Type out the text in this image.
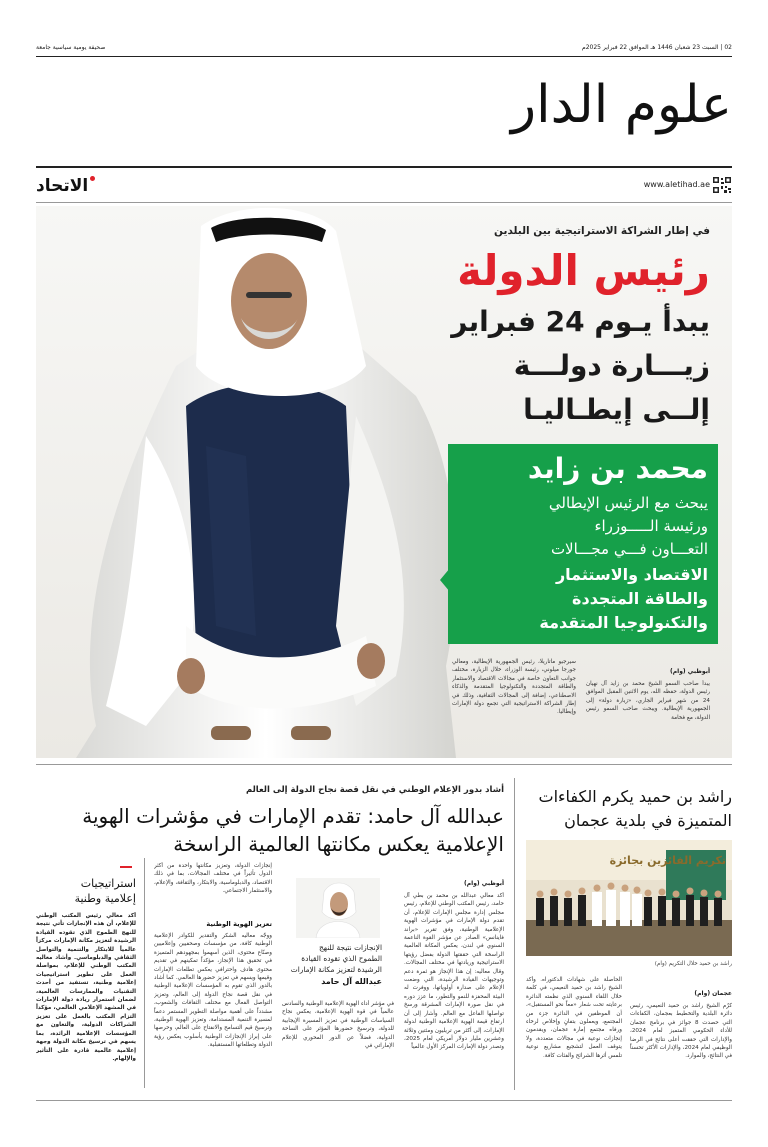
02 | السبت 23 شعبان 1446 هـ الموافق 22 فبراير 2025م
صحيفة يومية سياسية جامعة
علوم الدار
الاتحاد	www.aletihad.ae
في إطار الشراكة الاستراتيجية بين البلدين
رئيس الدولة
يبدأ يـوم 24 فبراير
زيـــارة دولـــة
إلــى إيطـاليـا
محمد بن زايد
يبحث مع الرئيس الإيطالي
ورئيسة الـــــوزراء
التعـــاون فـــي مجـــالات
الاقتصاد والاستثمار
والطاقة المتجددة
والتكنولوجيا المتقدمة
أبوظبي (وام)
يبدأ صاحب السمو الشيخ محمد بن زايد آل نهيان رئيس الدولة، حفظه الله، يوم الاثنين المقبل الموافق 24 من شهر فبراير الجاري، «زيارة دولة» إلى الجمهورية الإيطالية. ويبحث صاحب السمو رئيس الدولة، مع فخامة
سيرجيو ماتاريلا، رئيس الجمهورية الإيطالية، ومعالي جورجا ميلوني، رئيسة الوزراء، خلال الزيارة، مختلف جوانب التعاون خاصة في مجالات الاقتصاد والاستثمار والطاقة المتجددة والتكنولوجيا المتقدمة والذكاء الاصطناعي، إضافة إلى المجالات الثقافية، وذلك في إطار الشراكة الاستراتيجية التي تجمع دولة الإمارات وإيطاليا.
راشد بن حميد يكرم الكفاءات
المتميزة في بلدية عجمان
تكريم الفائزين بجائزة
راشد بن حميد خلال التكريم (وام)
عجمان (وام)
كرّم الشيخ راشد بن حميد النعيمي، رئيس دائرة البلدية والتخطيط بعجمان، الكفاءات التي حصدت 8 جوائز في برنامج عجمان للأداء الحكومي المتميز لعام 2024، والإدارات التي حققت أعلى نتائج في الرضا الوظيفي لعام 2024، والإدارات الأكثر تحسناً في النتائج، والموارد.
الحاصلة على شهادات الدكتوراه. وأكد الشيخ راشد بن حميد النعيمي، في كلمة خلال اللقاء السنوي الذي نظمته الدائرة برعايته تحت شعار «معاً نحو المستقبل»، أن الموظفين في الدائرة جزء من المجتمع، ويعملون بتفانٍ وإخلاص لرخاء ورفاه مجتمع إمارة عجمان، ويقدمون إنجازات نوعية في مجالات متعددة، ولا يتوقف العمل لتشجيع مشاريع نوعية تلمس أثرها الشرائح والفئات كافة.
أشاد بدور الإعلام الوطني في نقل قصة نجاح الدولة إلى العالم
عبدالله آل حامد: تقدم الإمارات في مؤشرات الهوية
الإعلامية يعكس مكانتها العالمية الراسخة
أبوظبي (وام)
أكد معالي عبدالله بن محمد بن بطي آل حامد، رئيس المكتب الوطني للإعلام، رئيس مجلس إدارة مجلس الإمارات للإعلام، أن تقدم دولة الإمارات في مؤشرات الهوية الإعلامية الوطنية، وفق تقرير «براند فاينانس» الصادر عن مؤشر القوة الناعمة السنوي في لندن، يعكس المكانة العالمية الراسخة التي حققتها الدولة بفضل رؤيتها الاستراتيجية وريادتها في مختلف المجالات. وقال معاليه: إن هذا الإنجاز هو ثمرة دعم وتوجيهات القيادة الرشيدة، التي وضعت الإعلام على صدارة أولوياتها، ووفرت له البيئة المحفزة للنمو والتطور، ما عزز دوره في نقل صورة الإمارات المشرقة ورسخ تواصلها الفاعل مع العالم. وأشار إلى أن ارتفاع قيمة الهوية الإعلامية الوطنية لدولة الإمارات، إلى أكثر من تريليون ومئتين وثلاثة وعشرين مليار دولار أمريكي لعام 2025، وتصدر دولة الإمارات المركز الأول عالمياً
الإنجازات نتيجة للنهج
الطموح الذي تقوده القيادة
الرشيدة لتعزيز مكانة الإمارات
عبدالله آل حامد
في مؤشر أداء الهوية الإعلامية الوطنية والسادس عالمياً في قوة الهوية الإعلامية، يعكس نجاح السياسات الوطنية في تعزيز المسيرة الإيجابية للدولة، وترسيخ حضورها المؤثر على الساحة الدولية، فضلاً عن الدور المحوري للإعلام الإماراتي في
إنجازات الدولة، وتعزيز مكانتها واحدة من أكثر الدول تأثيراً في مختلف المجالات، بما في ذلك الاقتصاد، والدبلوماسية، والابتكار، والثقافة، والإعلام، والاستثمار الاجتماعي.
تعزيز الهوية الوطنية
ووجّه معاليه الشكر والتقدير للكوادر الإعلامية الوطنية كافة، من مؤسسات وصحفيين وإعلاميين وصنّاع محتوى، الذين أسهموا بمجهودهم المتميزة في تحقيق هذا الإنجاز، مؤكداً تمكينهم في تقديم محتوى هادف واحترافي يعكس تطلعات الإمارات وقيمها ويسهم في تعزيز حضورها العالمي. كما أشاد بالدور الذي تقوم به المؤسسات الإعلامية الوطنية في نقل قصة نجاح الدولة إلى العالم، وتعزيز التواصل الفعال مع مختلف الثقافات والشعوب، مشدداً على أهمية مواصلة التطوير المستمر دعماً لمسيرة التنمية المستدامة، وتعزيز الهوية الوطنية، وترسيخ قيم التسامح والانفتاح على العالم، وحرصها على إبراز الإنجازات الوطنية بأسلوب يعكس رؤية الدولة وتطلعاتها المستقبلية.
استراتيجيات
إعلامية وطنية
أكد معالي رئيس المكتب الوطني للإعلام، أن هذه الإنجازات تأتي نتيجة للنهج الطموح الذي تقوده القيادة الرشيدة لتعزيز مكانة الإمارات مركزاً عالمياً للابتكار والتنمية والتواصل الثقافي والدبلوماسي. وأشاد معاليه المكتب الوطني للإعلام، بمواصلة العمل على تطوير استراتيجيات إعلامية وطنية، تستفيد من أحدث التقنيات والممارسات العالمية، لضمان استمرار ريادة دولة الإمارات في المشهد الإعلامي العالمي، مؤكداً التزام المكتب بالعمل على تعزيز الشراكات الدولية، والتعاون مع المؤسسات الإعلامية الرائدة، بما يسهم في ترسيخ مكانة الدولة وجهة إعلامية عالمية قادرة على التأثير والإلهام.
